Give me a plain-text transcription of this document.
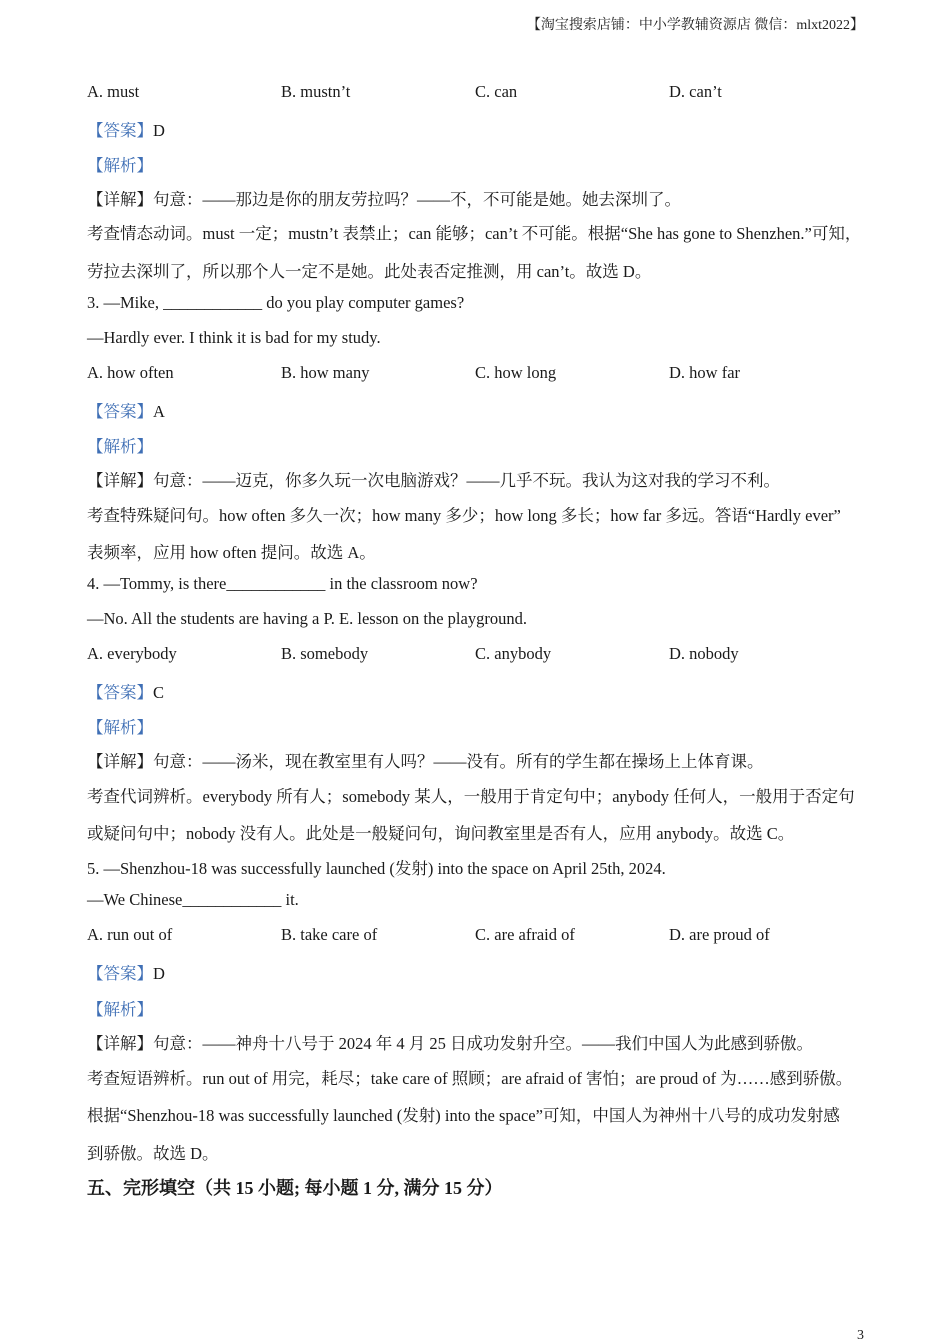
【淘宝搜索店铺：中小学教辅资源店 微信：mlxt2022】
A. must	B. mustn’t	C. can	D. can’t
【答案】D
【解析】
【详解】句意：——那边是你的朋友劳拉吗？——不，不可能是她。她去深圳了。
考查情态动词。must 一定；mustn’t 表禁止；can 能够；can’t 不可能。根据“She has gone to Shenzhen.”可知，
劳拉去深圳了，所以那个人一定不是她。此处表否定推测，用 can’t。故选 D。
3. —Mike, ____________ do you play computer games?
—Hardly ever. I think it is bad for my study.
A. how often	B. how many	C. how long	D. how far
【答案】A
【解析】
【详解】句意：——迈克，你多久玩一次电脑游戏？——几乎不玩。我认为这对我的学习不利。
考查特殊疑问句。how often 多久一次；how many 多少；how long 多长；how far 多远。答语“Hardly ever”
表频率，应用 how often 提问。故选 A。
4. —Tommy, is there____________ in the classroom now?
—No. All the students are having a P. E. lesson on the playground.
A. everybody	B. somebody	C. anybody	D. nobody
【答案】C
【解析】
【详解】句意：——汤米，现在教室里有人吗？——没有。所有的学生都在操场上上体育课。
考查代词辨析。everybody 所有人；somebody 某人，一般用于肯定句中；anybody 任何人，一般用于否定句
或疑问句中；nobody 没有人。此处是一般疑问句，询问教室里是否有人，应用 anybody。故选 C。
5. —Shenzhou-18 was successfully launched (发射) into the space on April 25th, 2024.
—We Chinese____________ it.
A. run out of	B. take care of	C. are afraid of	D. are proud of
【答案】D
【解析】
【详解】句意：——神舟十八号于 2024 年 4 月 25 日成功发射升空。——我们中国人为此感到骄傲。
考查短语辨析。run out of 用完，耗尽；take care of 照顾；are afraid of 害怕；are proud of 为……感到骄傲。
根据“Shenzhou-18 was successfully launched (发射) into the space”可知，中国人为神州十八号的成功发射感
到骄傲。故选 D。
五、完形填空（共 15 小题; 每小题 1 分, 满分 15 分）
3
